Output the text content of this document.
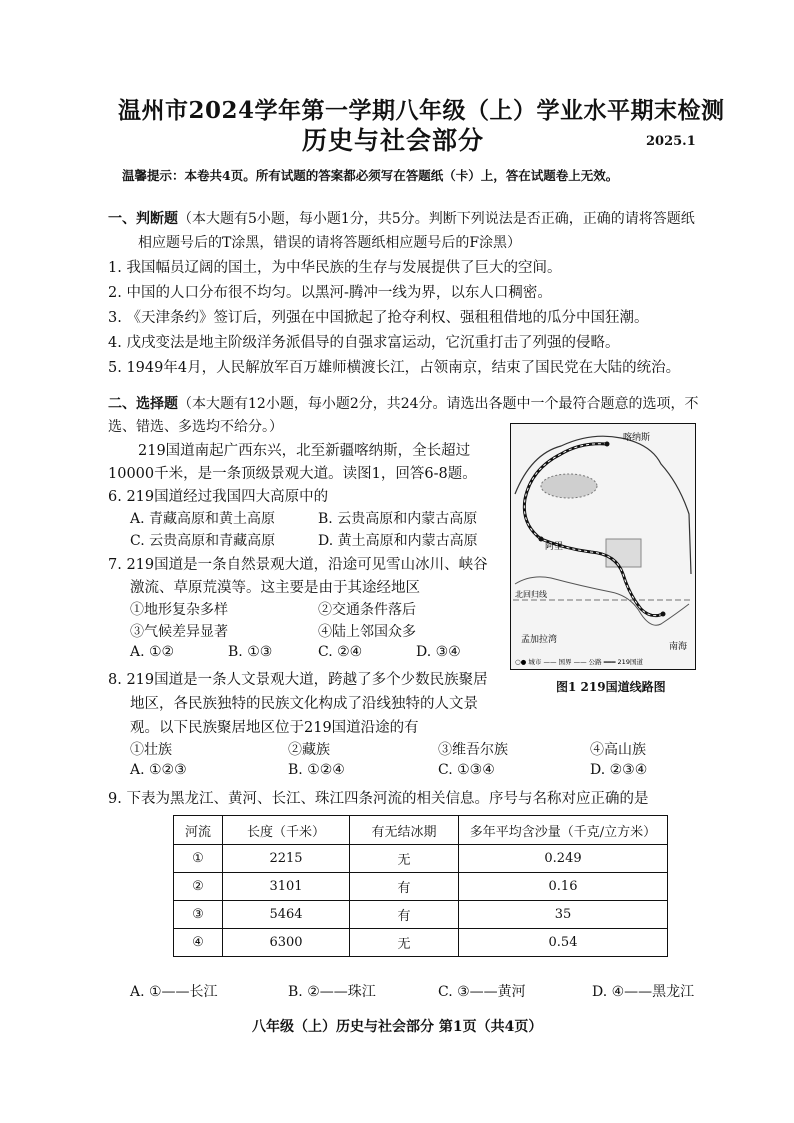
温州市2024学年第一学期八年级（上）学业水平期末检测
历史与社会部分	2025.1
温馨提示：本卷共4页。所有试题的答案都必须写在答题纸（卡）上，答在试题卷上无效。
一、判断题（本大题有5小题，每小题1分，共5分。判断下列说法是否正确，正确的请将答题纸
相应题号后的T涂黑，错误的请将答题纸相应题号后的F涂黑）
1. 我国幅员辽阔的国土，为中华民族的生存与发展提供了巨大的空间。
2. 中国的人口分布很不均匀。以黑河-腾冲一线为界，以东人口稠密。
3. 《天津条约》签订后，列强在中国掀起了抢夺利权、强租租借地的瓜分中国狂潮。
4. 戊戌变法是地主阶级洋务派倡导的自强求富运动，它沉重打击了列强的侵略。
5. 1949年4月，人民解放军百万雄师横渡长江，占领南京，结束了国民党在大陆的统治。
二、选择题（本大题有12小题，每小题2分，共24分。请选出各题中一个最符合题意的选项，不
选、错选、多选均不给分。）
219国道南起广西东兴，北至新疆喀纳斯，全长超过
10000千米，是一条顶级景观大道。读图1，回答6-8题。
6. 219国道经过我国四大高原中的
A. 青藏高原和黄土高原	B. 云贵高原和内蒙古高原
C. 云贵高原和青藏高原	D. 黄土高原和内蒙古高原
7. 219国道是一条自然景观大道，沿途可见雪山冰川、峡谷
激流、草原荒漠等。这主要是由于其途经地区
①地形复杂多样	②交通条件落后
③气候差异显著	④陆上邻国众多
A. ①②	B. ①③	C. ②④	D. ③④
8. 219国道是一条人文景观大道，跨越了多个少数民族聚居
地区，各民族独特的民族文化构成了沿线独特的人文景
观。以下民族聚居地区位于219国道沿途的有
①壮族	②藏族	③维吾尔族	④高山族
A. ①②③	B. ①②④	C. ①③④	D. ②③④
9. 下表为黑龙江、黄河、长江、珠江四条河流的相关信息。序号与名称对应正确的是
河流	长度（千米）	有无结冰期	多年平均含沙量（千克/立方米）
①	2215	无	0.249
②	3101	有	0.16
③	5464	有	35
④	6300	无	0.54
A. ①——长江	B. ②——珠江	C. ③——黄河	D. ④——黑龙江
喀纳斯
阿里
北回归线
孟加拉湾
南海
○● 城市 —— 国界 —— 公路 ═══ 219国道
图1 219国道线路图
八年级（上）历史与社会部分 第1页（共4页）
